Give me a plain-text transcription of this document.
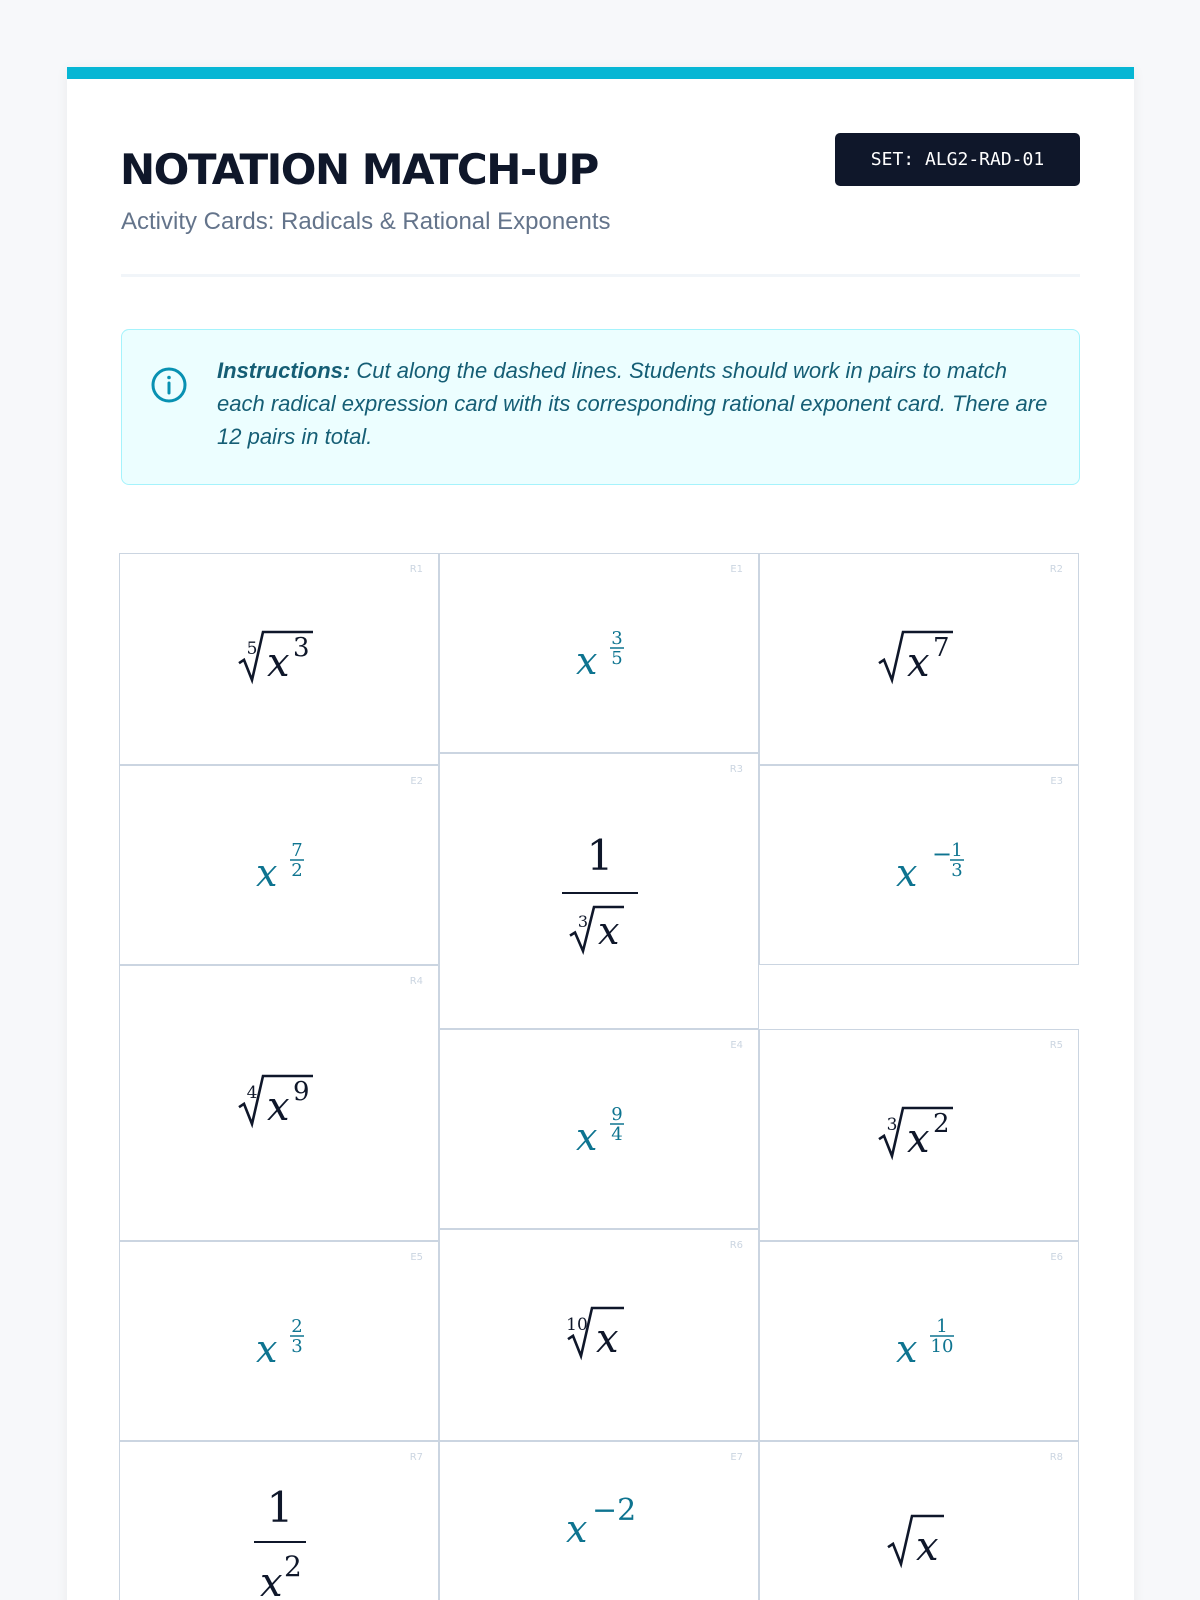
NOTATION MATCH-UP
Activity Cards: Radicals & Rational Exponents
SET: ALG2-RAD-01
Instructions: Cut along the dashed lines. Students should work in pairs to match each radical expression card with its corresponding rational exponent card. There are 12 pairs in total.
R1
5 x 3
E1
x
3
5
R2
x 7
E2
x
7
2
R3
1
3 x
E3
x − 1
3
R4
4 x 9
E4
x
9
4
R5
3 x 2
E5
x
2
3
R6
10 x
E6
x
1
10
R7
1
x 2
E7
x −2
R8
x
